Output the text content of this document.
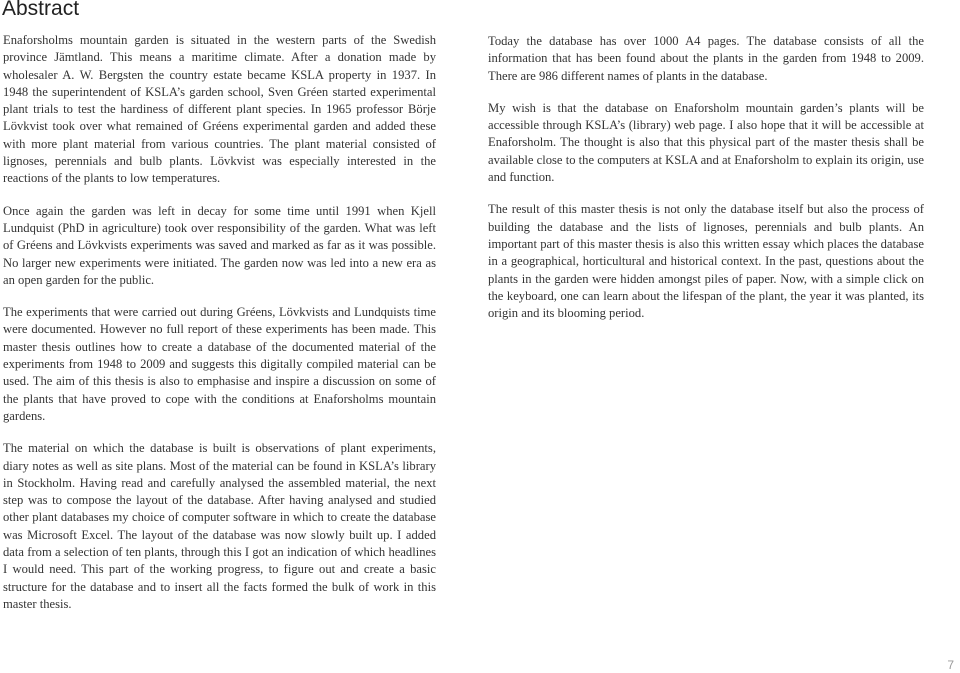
Abstract

Enaforsholms mountain garden is situated in the western parts of the Swedish province Jämtland. This means a maritime climate. After a donation made by wholesaler A. W. Bergsten the country estate became KSLA property in 1937. In 1948 the superintendent of KSLA’s garden school, Sven Gréen started experimental plant trials to test the hardiness of different plant species. In 1965 professor Börje Lövkvist took over what remained of Gréens experimental garden and added these with more plant material from various countries. The plant material consisted of lignoses, perennials and bulb plants. Lövkvist was especially interested in the reactions of the plants to low temperatures.

Once again the garden was left in decay for some time until 1991 when Kjell Lundquist (PhD in agriculture) took over responsibility of the garden. What was left of Gréens and Lövkvists experiments was saved and marked as far as it was possible. No larger new experiments were initiated. The garden now was led into a new era as an open garden for the public.

The experiments that were carried out during Gréens, Lövkvists and Lundquists time were documented. However no full report of these experiments has been made. This master thesis outlines how to create a database of the documented material of the experiments from 1948 to 2009 and suggests this digitally compiled material can be used. The aim of this thesis is also to emphasise and inspire a discussion on some of the plants that have proved to cope with the conditions at Enaforsholms mountain gardens.

The material on which the database is built is observations of plant experiments, diary notes as well as site plans. Most of the material can be found in KSLA’s library in Stockholm. Having read and carefully analysed the assembled material, the next step was to compose the layout of the database. After having analysed and studied other plant databases my choice of computer software in which to create the database was Microsoft Excel. The layout of the database was now slowly built up. I added data from a selection of ten plants, through this I got an indication of which headlines I would need. This part of the working progress, to figure out and create a basic structure for the database and to insert all the facts formed the bulk of work in this master thesis.

Today the database has over 1000 A4 pages. The database consists of all the information that has been found about the plants in the garden from 1948 to 2009. There are 986 different names of plants in the database.

My wish is that the database on Enaforsholm mountain garden’s plants will be accessible through KSLA’s (library) web page. I also hope that it will be accessible at Enaforsholm. The thought is also that this physical part of the master thesis shall be available close to the computers at KSLA and at Enaforsholm to explain its origin, use and function.

The result of this master thesis is not only the database itself but also the process of building the database and the lists of lignoses, perennials and bulb plants. An important part of this master thesis is also this written essay which places the database in a geographical, horticultural and historical context. In the past, questions about the plants in the garden were hidden amongst piles of paper. Now, with a simple click on the keyboard, one can learn about the lifespan of the plant, the year it was planted, its origin and its blooming period.

7
